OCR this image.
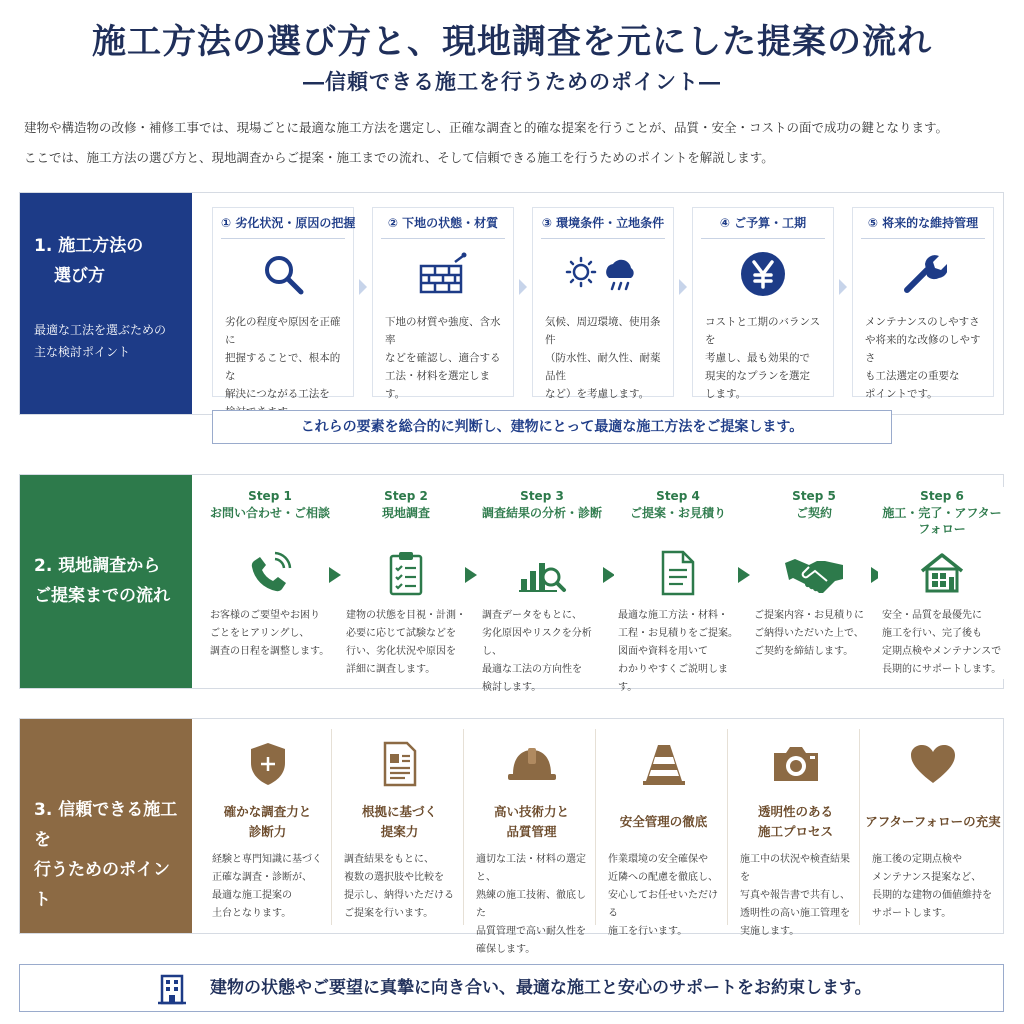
施工方法の選び方と、現地調査を元にした提案の流れ
―信頼できる施工を行うためのポイント―
建物や構造物の改修・補修工事では、現場ごとに最適な施工方法を選定し、正確な調査と的確な提案を行うことが、品質・安全・コストの面で成功の鍵となります。
ここでは、施工方法の選び方と、現地調査からご提案・施工までの流れ、そして信頼できる施工を行うためのポイントを解説します。
1. 施工方法の
選び方
最適な工法を選ぶための
主な検討ポイント
① 劣化状況・原因の把握
劣化の程度や原因を正確に
把握することで、根本的な
解決につながる工法を
② 下地の状態・材質
下地の材質や強度、含水率
などを確認し、適合する
工法・材料を選定します。
③ 環境条件・立地条件
気候、周辺環境、使用条件
（防水性、耐久性、耐薬品性
など）を考慮します。
④ ご予算・工期
コストと工期のバランスを
考慮し、最も効果的で
現実的なプランを選定
します。
⑤ 将来的な維持管理
メンテナンスのしやすさ
や将来的な改修のしやすさ
も工法選定の重要な
ポイントです。
これらの要素を総合的に判断し、建物にとって最適な施工方法をご提案します。
2. 現地調査から
ご提案までの流れ
Step 1
お問い合わせ・ご相談
お客様のご要望やお困り
ごとをヒアリングし、
調査の日程を調整します。
Step 2
現地調査
建物の状態を目視・計測・
必要に応じて試験などを
行い、劣化状況や原因を
詳細に調査します。
Step 3
調査結果の分析・診断
調査データをもとに、
劣化原因やリスクを分析し、
最適な工法の方向性を
検討します。
Step 4
ご提案・お見積り
最適な施工方法・材料・
工程・お見積りをご提案。
図面や資料を用いて
わかりやすくご説明します。
Step 5
ご契約
ご提案内容・お見積りに
ご納得いただいた上で、
ご契約を締結します。
Step 6
施工・完了・アフター
フォロー
安全・品質を最優先に
施工を行い、完了後も
定期点検やメンテナンスで
長期的にサポートします。
3. 信頼できる施工を
行うためのポイント
確かな調査力と
診断力
経験と専門知識に基づく
正確な調査・診断が、
最適な施工提案の
土台となります。
根拠に基づく
提案力
調査結果をもとに、
複数の選択肢や比較を
提示し、納得いただける
ご提案を行います。
高い技術力と
品質管理
適切な工法・材料の選定と、
熟練の施工技術、徹底した
品質管理で高い耐久性を
確保します。
安全管理の徹底
作業環境の安全確保や
近隣への配慮を徹底し、
安心してお任せいただける
施工を行います。
透明性のある
施工プロセス
施工中の状況や検査結果を
写真や報告書で共有し、
透明性の高い施工管理を
実施します。
アフターフォローの充実
施工後の定期点検や
メンテナンス提案など、
長期的な建物の価値維持を
サポートします。
建物の状態やご要望に真摯に向き合い、最適な施工と安心のサポートをお約束します。
